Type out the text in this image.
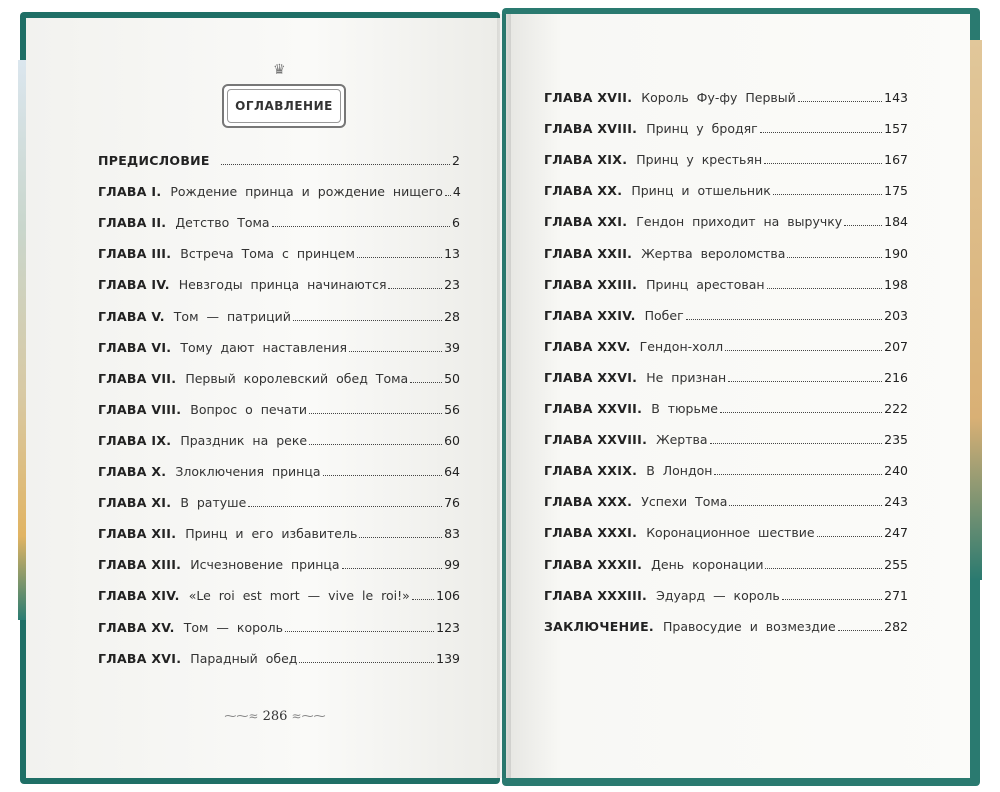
♛
ОГЛАВЛЕНИЕ
ПРЕДИСЛОВИЕ	2
ГЛАВА I. Рождение принца и рождение нищего 4
ГЛАВА II. Детство Тома	6
ГЛАВА III. Встреча Тома с принцем	13
ГЛАВА IV. Невзгоды принца начинаются	23
ГЛАВА V. Том — патриций	28
ГЛАВА VI. Тому дают наставления	39
ГЛАВА VII. Первый королевский обед Тома	50
ГЛАВА VIII. Вопрос о печати	56
ГЛАВА IX. Праздник на реке	60
ГЛАВА X. Злоключения принца	64
ГЛАВА XI. В ратуше	76
ГЛАВА XII. Принц и его избавитель	83
ГЛАВА XIII. Исчезновение принца	99
ГЛАВА XIV. «Le roi est mort — vive le roi!» 106
ГЛАВА XV. Том — король	123
ГЛАВА XVI. Парадный обед	139
ГЛАВА XVII. Король Фу-фу Первый	143
ГЛАВА XVIII. Принц у бродяг	157
ГЛАВА XIX. Принц у крестьян	167
ГЛАВА XX. Принц и отшельник	175
ГЛАВА XXI. Гендон приходит на выручку	184
ГЛАВА XXII. Жертва вероломства	190
ГЛАВА XXIII. Принц арестован	198
ГЛАВА XXIV. Побег	203
ГЛАВА XXV. Гендон-холл	207
ГЛАВА XXVI. Не признан	216
ГЛАВА XXVII. В тюрьме	222
ГЛАВА XXVIII. Жертва	235
ГЛАВА XXIX. В Лондон	240
ГЛАВА XXX. Успехи Тома	243
ГЛАВА XXXI. Коронационное шествие	247
ГЛАВА XXXII. День коронации	255
ГЛАВА XXXIII. Эдуард — король	271
ЗАКЛЮЧЕНИЕ. Правосудие и возмездие	282
⁓⁓≈ 286 ≈⁓⁓
